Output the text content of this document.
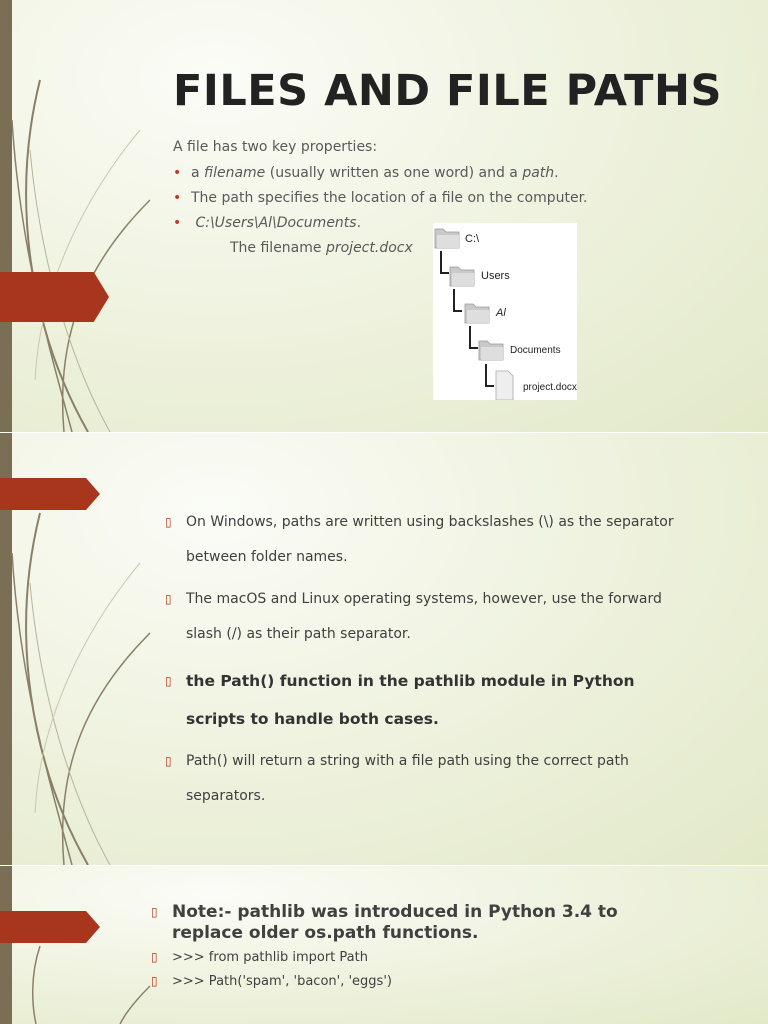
FILES AND FILE PATHS
A file has two key properties:
• a filename (usually written as one word) and a path.
• The path specifies the location of a file on the computer.
• C:\Users\Al\Documents.
The filename project.docx
C:\
Users
Al
Documents
project.docx
▯ On Windows, paths are written using backslashes (\) as the separator
between folder names.
▯ The macOS and Linux operating systems, however, use the forward
slash (/) as their path separator.
▯ the Path() function in the pathlib module in Python
scripts to handle both cases.
▯ Path() will return a string with a file path using the correct path
separators.
▯ Note:- pathlib was introduced in Python 3.4 to
replace older os.path functions.
▯ >>> from pathlib import Path
▯ >>> Path('spam', 'bacon', 'eggs')
